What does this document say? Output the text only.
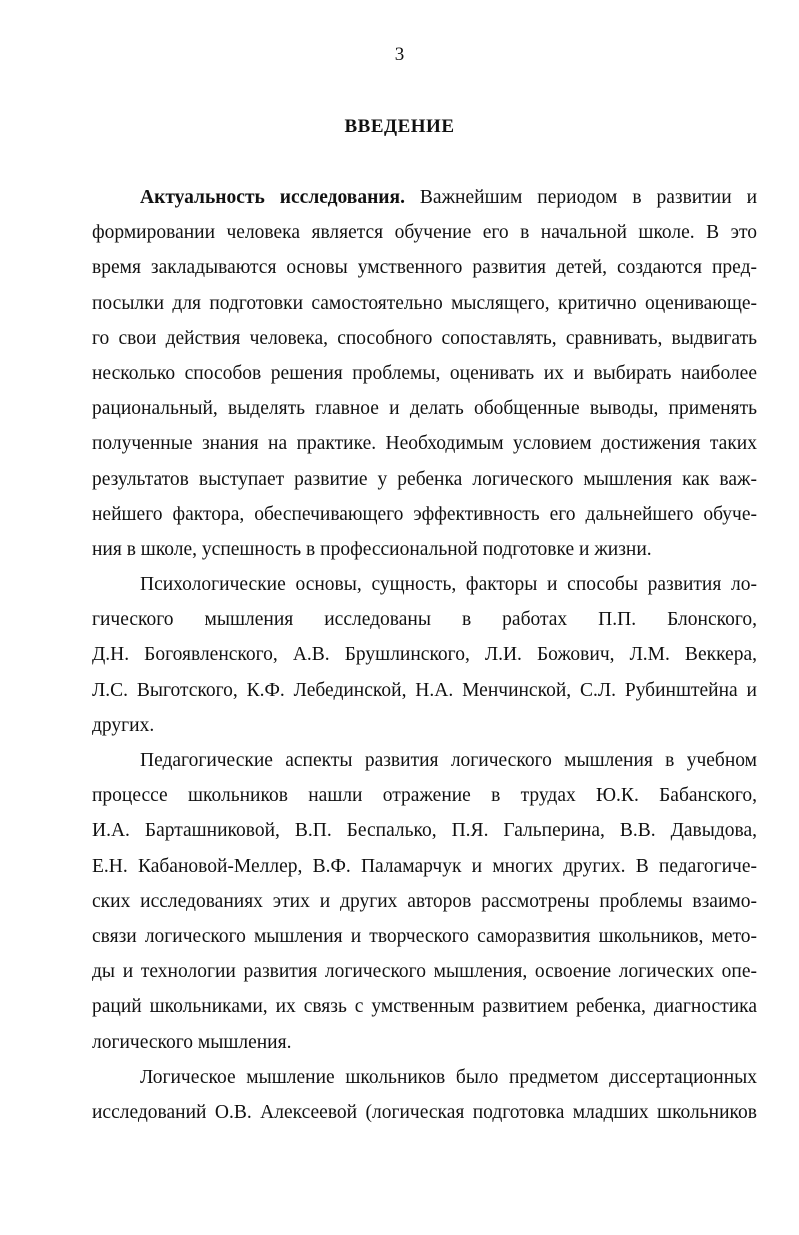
3
ВВЕДЕНИЕ
Актуальность исследования. Важнейшим периодом в развитии и
формировании человека является обучение его в начальной школе. В это
время закладываются основы умственного развития детей, создаются пред-
посылки для подготовки самостоятельно мыслящего, критично оценивающе-
го свои действия человека, способного сопоставлять, сравнивать, выдвигать
несколько способов решения проблемы, оценивать их и выбирать наиболее
рациональный, выделять главное и делать обобщенные выводы, применять
полученные знания на практике. Необходимым условием достижения таких
результатов выступает развитие у ребенка логического мышления как важ-
нейшего фактора, обеспечивающего эффективность его дальнейшего обуче-
ния в школе, успешность в профессиональной подготовке и жизни.
Психологические основы, сущность, факторы и способы развития ло-
гического мышления исследованы в работах П.П. Блонского,
Д.Н. Богоявленского, А.В. Брушлинского, Л.И. Божович, Л.М. Веккера,
Л.С. Выготского, К.Ф. Лебединской, Н.А. Менчинской, С.Л. Рубинштейна и
других.
Педагогические аспекты развития логического мышления в учебном
процессе школьников нашли отражение в трудах Ю.К. Бабанского,
И.А. Барташниковой, В.П. Беспалько, П.Я. Гальперина, В.В. Давыдова,
Е.Н. Кабановой-Меллер, В.Ф. Паламарчук и многих других. В педагогиче-
ских исследованиях этих и других авторов рассмотрены проблемы взаимо-
связи логического мышления и творческого саморазвития школьников, мето-
ды и технологии развития логического мышления, освоение логических опе-
раций школьниками, их связь с умственным развитием ребенка, диагностика
логического мышления.
Логическое мышление школьников было предметом диссертационных
исследований О.В. Алексеевой (логическая подготовка младших школьников
